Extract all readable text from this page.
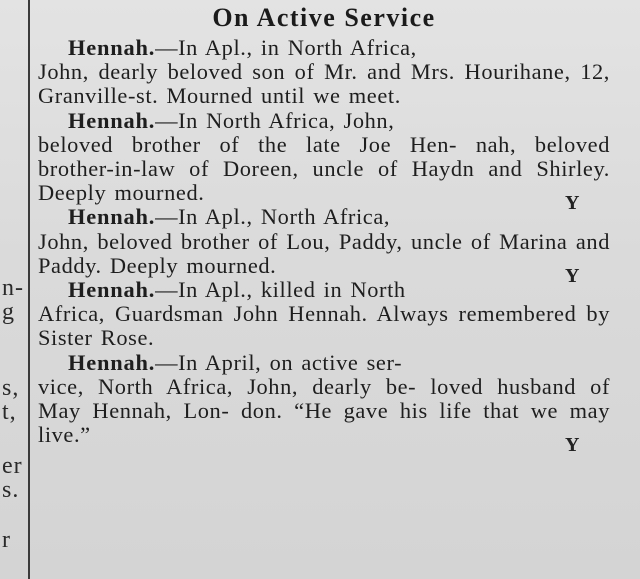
n-
g
s,
t,
er
s.
r
On Active Service
Hennah.—In Apl., in North Africa,
John, dearly beloved son of Mr. and Mrs. Hourihane, 12, Granville-st. Mourned until we meet.
Hennah.—In North Africa, John,
beloved brother of the late Joe Hen- nah, beloved brother-in-law of Doreen, uncle of Haydn and Shirley. Deeply mourned.	Y
Hennah.—In Apl., North Africa,
John, beloved brother of Lou, Paddy, uncle of Marina and Paddy. Deeply mourned.	Y
Hennah.—In Apl., killed in North
Africa, Guardsman John Hennah. Always remembered by Sister Rose.
Hennah.—In April, on active ser-
vice, North Africa, John, dearly be- loved husband of May Hennah, Lon- don. “He gave his life that we may live.”	Y
